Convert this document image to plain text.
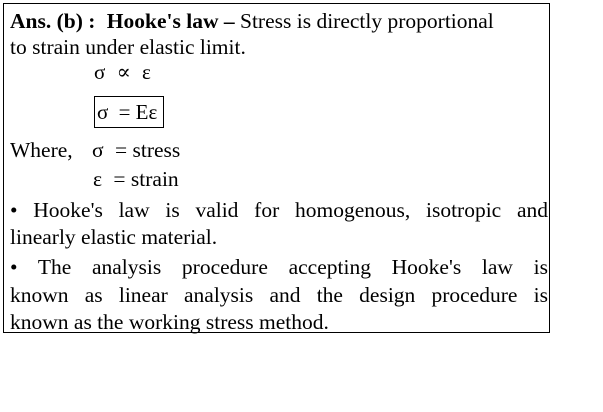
Ans. (b) : Hooke's law – Stress is directly proportional
to strain under elastic limit.
σ ∝ ε
σ = Eε
Where, σ = stress
ε = strain
• Hooke's law is valid for homogenous, isotropic and
linearly elastic material.
• The analysis procedure accepting Hooke's law is
known as linear analysis and the design procedure is
known as the working stress method.
